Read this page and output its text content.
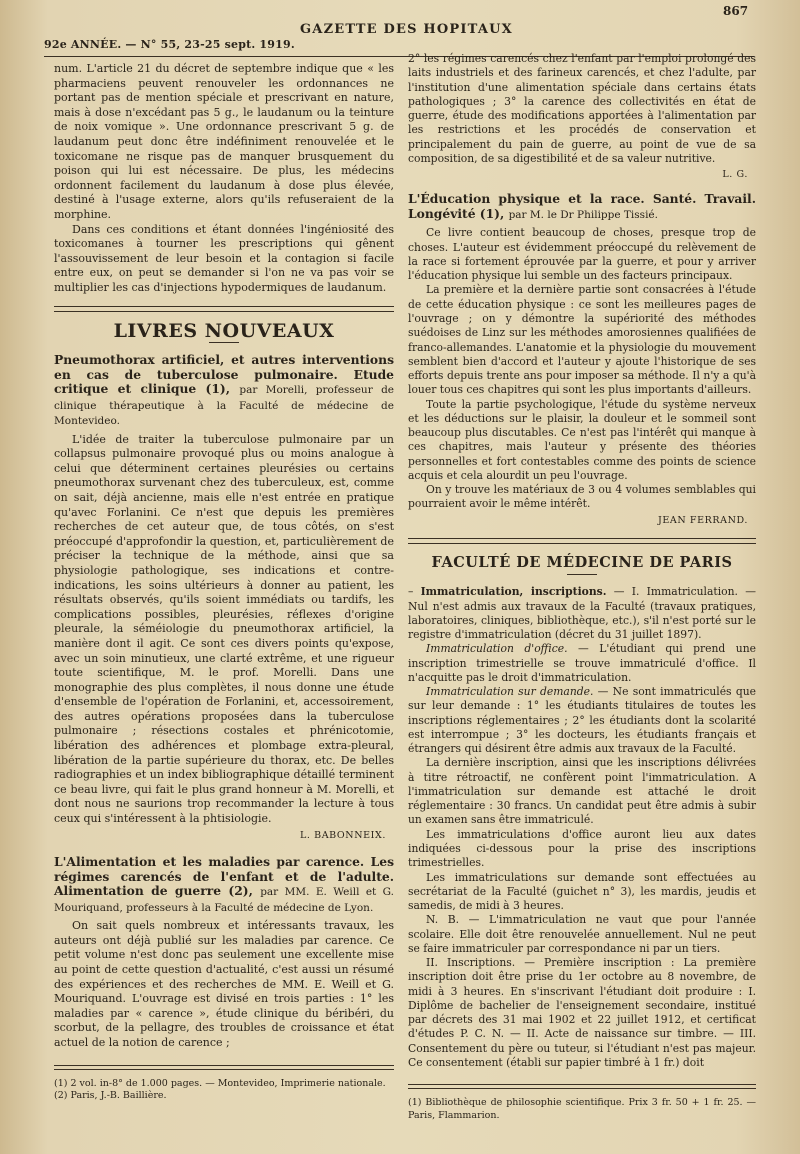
92e ANNÉE. — N° 55, 23-25 sept. 1919.
GAZETTE DES HOPITAUX
867

num. L'article 21 du décret de septembre indique que « les pharmaciens peuvent renouveler les ordonnances ne portant pas de mention spéciale et prescrivant en nature, mais à dose n'excédant pas 5 g., le laudanum ou la teinture de noix vomique ». Une ordonnance prescrivant 5 g. de laudanum peut donc être indéfiniment renouvelée et le toxicomane ne risque pas de manquer brusquement du poison qui lui est nécessaire. De plus, les médecins ordonnent facilement du laudanum à dose plus élevée, destiné à l'usage externe, alors qu'ils refuseraient de la morphine.

Dans ces conditions et étant données l'ingéniosité des toxicomanes à tourner les prescriptions qui gênent l'assouvissement de leur besoin et la contagion si facile entre eux, on peut se demander si l'on ne va pas voir se multiplier les cas d'injections hypodermiques de laudanum.

LIVRES NOUVEAUX

Pneumothorax artificiel, et autres interventions en cas de tuberculose pulmonaire. Etude critique et clinique (1), par Morelli, professeur de clinique thérapeutique à la Faculté de médecine de Montevideo.

L'idée de traiter la tuberculose pulmonaire par un collapsus pulmonaire provoqué plus ou moins analogue à celui que déterminent certaines pleurésies ou certains pneumothorax survenant chez des tuberculeux, est, comme on sait, déjà ancienne, mais elle n'est entrée en pratique qu'avec Forlanini. Ce n'est que depuis les premières recherches de cet auteur que, de tous côtés, on s'est préoccupé d'approfondir la question, et, particulièrement de préciser la technique de la méthode, ainsi que sa physiologie pathologique, ses indications et contre-indications, les soins ultérieurs à donner au patient, les résultats observés, qu'ils soient immédiats ou tardifs, les complications possibles, pleurésies, réflexes d'origine pleurale, la séméiologie du pneumothorax artificiel, la manière dont il agit. Ce sont ces divers points qu'expose, avec un soin minutieux, une clarté extrême, et une rigueur toute scientifique, M. le prof. Morelli. Dans une monographie des plus complètes, il nous donne une étude d'ensemble de l'opération de Forlanini, et, accessoirement, des autres opérations proposées dans la tuberculose pulmonaire ; résections costales et phrénicotomie, libération des adhérences et plombage extra-pleural, libération de la partie supérieure du thorax, etc. De belles radiographies et un index bibliographique détaillé terminent ce beau livre, qui fait le plus grand honneur à M. Morelli, et dont nous ne saurions trop recommander la lecture à tous ceux qui s'intéressent à la phtisiologie.

L. BABONNEIX.

L'Alimentation et les maladies par carence. Les régimes carencés de l'enfant et de l'adulte. Alimentation de guerre (2), par MM. E. Weill et G. Mouriquand, professeurs à la Faculté de médecine de Lyon.

On sait quels nombreux et intéressants travaux, les auteurs ont déjà publié sur les maladies par carence. Ce petit volume n'est donc pas seulement une excellente mise au point de cette question d'actualité, c'est aussi un résumé des expériences et des recherches de MM. E. Weill et G. Mouriquand. L'ouvrage est divisé en trois parties : 1° les maladies par « carence », étude clinique du béribéri, du scorbut, de la pellagre, des troubles de croissance et état actuel de la notion de carence ;

(1) 2 vol. in-8° de 1.000 pages. — Montevideo, Imprimerie nationale.
(2) Paris, J.-B. Baillière.

2° les régimes carencés chez l'enfant par l'emploi prolongé des laits industriels et des farineux carencés, et chez l'adulte, par l'institution d'une alimentation spéciale dans certains états pathologiques ; 3° la carence des collectivités en état de guerre, étude des modifications apportées à l'alimentation par les restrictions et les procédés de conservation et principalement du pain de guerre, au point de vue de sa composition, de sa digestibilité et de sa valeur nutritive.

L. G.

L'Éducation physique et la race. Santé. Travail. Longévité (1), par M. le Dr Philippe Tissié.

Ce livre contient beaucoup de choses, presque trop de choses. L'auteur est évidemment préoccupé du relèvement de la race si fortement éprouvée par la guerre, et pour y arriver l'éducation physique lui semble un des facteurs principaux.

La première et la dernière partie sont consacrées à l'étude de cette éducation physique : ce sont les meilleures pages de l'ouvrage ; on y démontre la supériorité des méthodes suédoises de Linz sur les méthodes amorosiennes qualifiées de franco-allemandes. L'anatomie et la physiologie du mouvement semblent bien d'accord et l'auteur y ajoute l'historique de ses efforts depuis trente ans pour imposer sa méthode. Il n'y a qu'à louer tous ces chapitres qui sont les plus importants d'ailleurs.

Toute la partie psychologique, l'étude du système nerveux et les déductions sur le plaisir, la douleur et le sommeil sont beaucoup plus discutables. Ce n'est pas l'intérêt qui manque à ces chapitres, mais l'auteur y présente des théories personnelles et fort contestables comme des points de science acquis et cela alourdit un peu l'ouvrage.

On y trouve les matériaux de 3 ou 4 volumes semblables qui pourraient avoir le même intérêt.

JEAN FERRAND.

FACULTÉ DE MÉDECINE DE PARIS

– Immatriculation, inscriptions. — I. Immatriculation. — Nul n'est admis aux travaux de la Faculté (travaux pratiques, laboratoires, cliniques, bibliothèque, etc.), s'il n'est porté sur le registre d'immatriculation (décret du 31 juillet 1897).

Immatriculation d'office. — L'étudiant qui prend une inscription trimestrielle se trouve immatriculé d'office. Il n'acquitte pas le droit d'immatriculation.

Immatriculation sur demande. — Ne sont immatriculés que sur leur demande : 1° les étudiants titulaires de toutes les inscriptions réglementaires ; 2° les étudiants dont la scolarité est interrompue ; 3° les docteurs, les étudiants français et étrangers qui désirent être admis aux travaux de la Faculté.

La dernière inscription, ainsi que les inscriptions délivrées à titre rétroactif, ne confèrent point l'immatriculation. A l'immatriculation sur demande est attaché le droit réglementaire : 30 francs. Un candidat peut être admis à subir un examen sans être immatriculé.

Les immatriculations d'office auront lieu aux dates indiquées ci-dessous pour la prise des inscriptions trimestrielles.

Les immatriculations sur demande sont effectuées au secrétariat de la Faculté (guichet n° 3), les mardis, jeudis et samedis, de midi à 3 heures.

N. B. — L'immatriculation ne vaut que pour l'année scolaire. Elle doit être renouvelée annuellement. Nul ne peut se faire immatriculer par correspondance ni par un tiers.

II. Inscriptions. — Première inscription : La première inscription doit être prise du 1er octobre au 8 novembre, de midi à 3 heures. En s'inscrivant l'étudiant doit produire : I. Diplôme de bachelier de l'enseignement secondaire, institué par décrets des 31 mai 1902 et 22 juillet 1912, et certificat d'études P. C. N. — II. Acte de naissance sur timbre. — III. Consentement du père ou tuteur, si l'étudiant n'est pas majeur. Ce consentement (établi sur papier timbré à 1 fr.) doit

(1) Bibliothèque de philosophie scientifique. Prix 3 fr. 50 + 1 fr. 25. — Paris, Flammarion.
